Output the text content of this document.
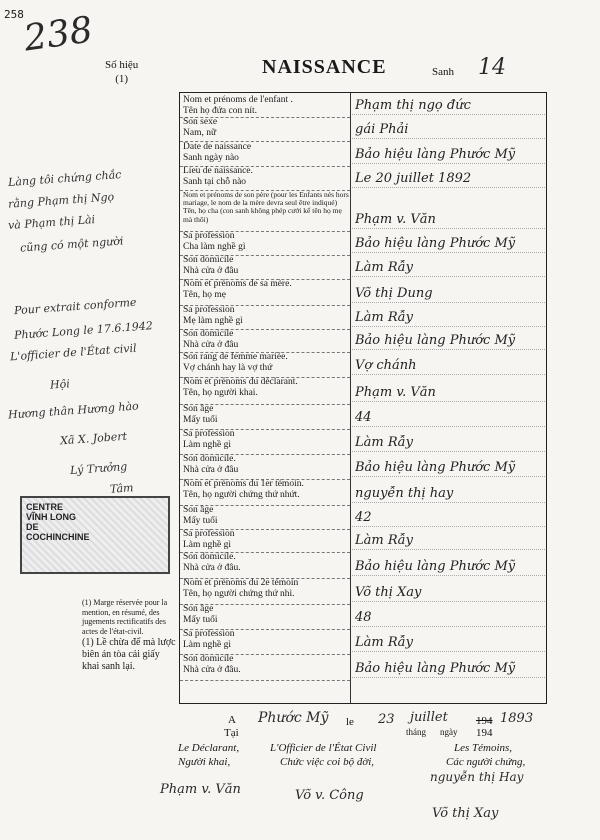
258
238
Số hiệu
(1)
NAISSANCE	Sanh 14
Nom et prénoms de l'enfant .
Tên họ đứa con nít.	Phạm thị ngọ đức
Son sexe
Nam, nữ	gái Phải
Date de naissance
Sanh ngày nào	Bảo hiệu làng Phước Mỹ
Lieu de naissance.
Sanh tại chỗ nào	Le 20 juillet 1892
Nom et prénoms de son père (pour les Enfants nés hors mariage, le nom de la mère devra seul être indiqué)
Tên, họ cha (con sanh không phép cưới kể tên họ mẹ mà thôi)	Phạm v. Văn
Sa profession
Cha làm nghề gì	Bảo hiệu làng Phước Mỹ
Son domicile
Nhà cửa ở đâu	Làm Rẫy
Nom et prénoms de sa mère.
Tên, họ mẹ	Võ thị Dung
Sa profession
Mẹ làm nghề gì	Làm Rẫy
Son domicile
Nhà cửa ở đâu	Bảo hiệu làng Phước Mỹ
Son rang de femme mariée.
Vợ chánh hay là vợ thứ	Vợ chánh
Nom et prénoms du déclarant.
Tên, họ người khai.	Phạm v. Văn
Son âge
Mấy tuổi	44
Sa profession
Làm nghề gì	Làm Rẫy
Son domicile.
Nhà cửa ở đâu	Bảo hiệu làng Phước Mỹ
Nom et prénoms du 1er témoin.
Tên, họ người chứng thứ nhứt.	nguyễn thị hay
Son âge
Mấy tuổi	42
Sa profession
Làm nghề gì	Làm Rẫy
Son domicile.
Nhà cửa ở đâu.	Bảo hiệu làng Phước Mỹ
Nom et prénoms du 2e témoin
Tên, họ người chứng thứ nhì.	Võ thị Xay
Son âge
Mấy tuổi	48
Sa profession
Làm nghề gì	Làm Rẫy
Son domicile
Nhà cửa ở đâu.	Bảo hiệu làng Phước Mỹ
Làng tôi chứng chắc
rằng Phạm thị Ngọ
và Phạm thị Lài
cũng có một người
Pour extrait conforme
Phước Long le 17.6.1942
L'officier de l'État civil
Hội
Hương thân Hương hào
Xã X. Jobert
Lý Trưởng
Tâm
CENTRE
VĨNH LONG
DE
COCHINCHINE
(1) Marge réservée pour la mention, en résumé, des jugements rectificatifs des actes de l'état-civil.
(1) Lề chừa để mà lược biên án tòa cải giấy khai sanh lại.
A
Tại
Phước Mỹ le 23 juillet
tháng ngày
194 1893
194
Le Déclarant,
Người khai,
L'Officier de l'État Civil
Chức việc coi bộ đời,
Les Témoins,
Các người chứng,
Phạm v. Văn	Võ v. Công
nguyễn thị Hay
Võ thị Xay
